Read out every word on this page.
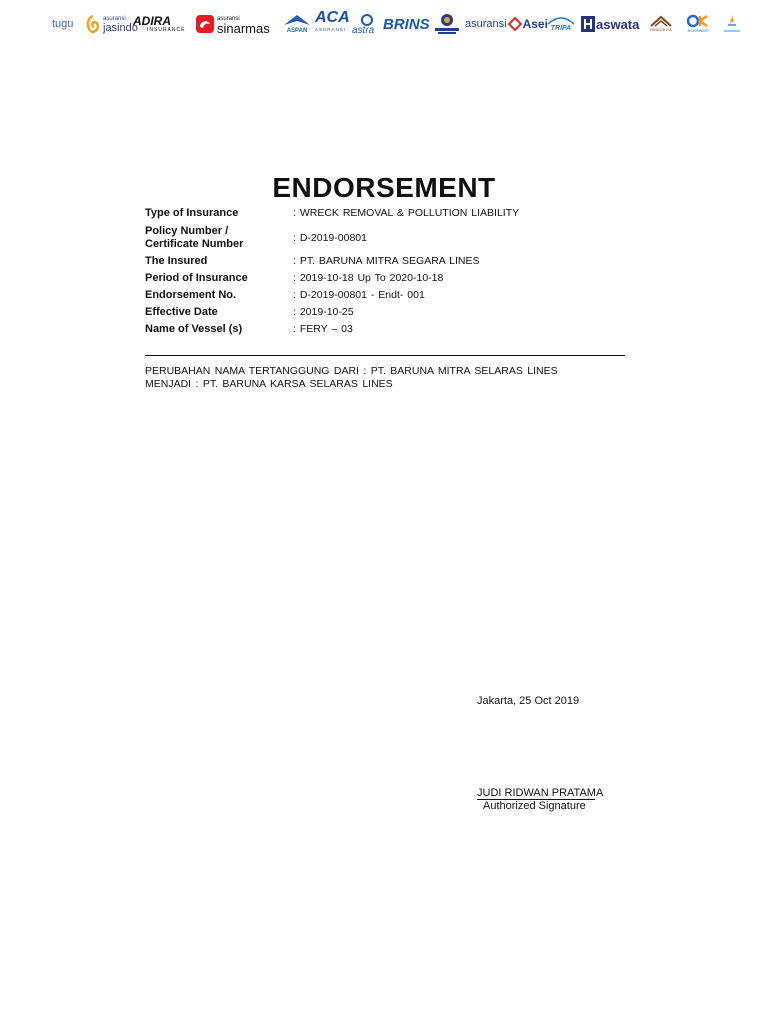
tugu	asuransi
jasindo
ADIRA
INSURANCE
asuransi
sinarmas	ASPAN
ACA
ASURANSI astra BRINS	asuransi Asei TRIPA aswata	BINAGRIYA	ASKRINDO
ENDORSEMENT
Type of Insurance	: WRECK REMOVAL & POLLUTION LIABILITY
Policy Number /
Certificate Number	: D-2019-00801
The Insured	: PT. BARUNA MITRA SEGARA LINES
Period of Insurance	: 2019-10-18 Up To 2020-10-18
Endorsement No.	: D-2019-00801 - Endt- 001
Effective Date	: 2019-10-25
Name of Vessel (s)	: FERY – 03
PERUBAHAN NAMA TERTANGGUNG DARI : PT. BARUNA MITRA SELARAS LINES
MENJADI : PT. BARUNA KARSA SELARAS LINES
Jakarta, 25 Oct 2019
JUDI RIDWAN PRATAMA
Authorized Signature
